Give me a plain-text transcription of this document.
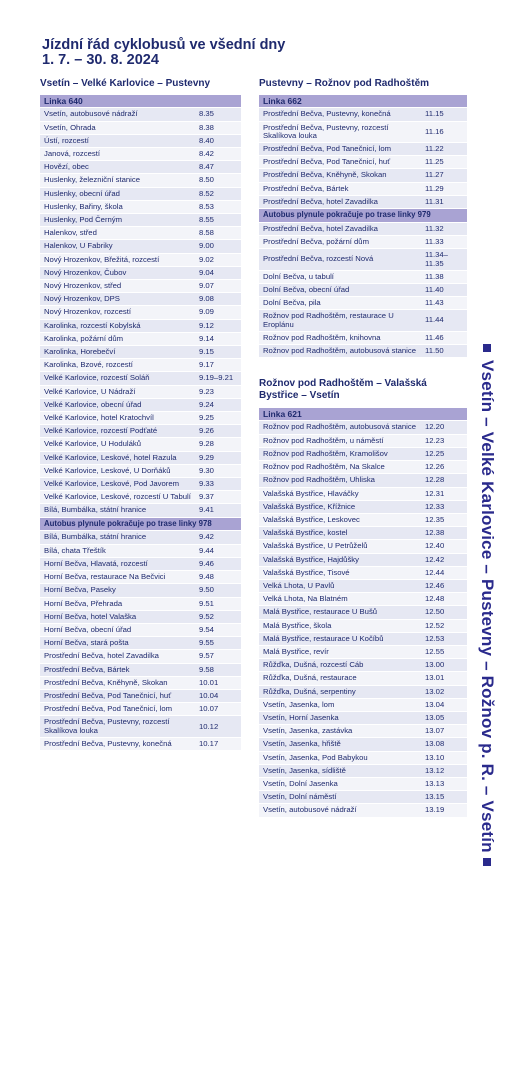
Jízdní řád cyklobusů ve všední dny
1. 7. – 30. 8. 2024
Vsetín – Velké Karlovice – Pustevny
Linka 640
Vsetín, autobusové nádraží	8.35
Vsetín, Ohrada	8.38
Ústí, rozcestí	8.40
Janová, rozcestí	8.42
Hovězí, obec	8.47
Huslenky, železniční stanice	8.50
Huslenky, obecní úřad	8.52
Huslenky, Bařiny, škola	8.53
Huslenky, Pod Černým	8.55
Halenkov, střed	8.58
Halenkov, U Fabriky	9.00
Nový Hrozenkov, Břežitá, rozcestí	9.02
Nový Hrozenkov, Čubov	9.04
Nový Hrozenkov, střed	9.07
Nový Hrozenkov, DPS	9.08
Nový Hrozenkov, rozcestí	9.09
Karolinka, rozcestí Kobylská	9.12
Karolinka, požární dům	9.14
Karolinka, Horebečví	9.15
Karolinka, Bzové, rozcestí	9.17
Velké Karlovice, rozcestí Soláň	9.19–9.21
Velké Karlovice, U Nádraží	9.23
Velké Karlovice, obecní úřad	9.24
Velké Karlovice, hotel Kratochvíl	9.25
Velké Karlovice, rozcestí Podťaté	9.26
Velké Karlovice, U Hoduláků	9.28
Velké Karlovice, Leskové, hotel Razula	9.29
Velké Karlovice, Leskové, U Dorňáků	9.30
Velké Karlovice, Leskové, Pod Javorem	9.33
Velké Karlovice, Leskové, rozcestí U Tabulí	9.37
Bílá, Bumbálka, státní hranice	9.41
Autobus plynule pokračuje po trase linky 978
Bílá, Bumbálka, státní hranice	9.42
Bílá, chata Třeštík	9.44
Horní Bečva, Hlavatá, rozcestí	9.46
Horní Bečva, restaurace Na Bečvici	9.48
Horní Bečva, Paseky	9.50
Horní Bečva, Přehrada	9.51
Horní Bečva, hotel Valaška	9.52
Horní Bečva, obecní úřad	9.54
Horní Bečva, stará pošta	9.55
Prostřední Bečva, hotel Zavadilka	9.57
Prostřední Bečva, Bártek	9.58
Prostřední Bečva, Kněhyně, Skokan	10.01
Prostřední Bečva, Pod Tanečnicí, huť	10.04
Prostřední Bečva, Pod Tanečnicí, lom	10.07
Prostřední Bečva, Pustevny, rozcestí Skalíkova louka	10.12
Prostřední Bečva, Pustevny, konečná	10.17
Pustevny – Rožnov pod Radhoštěm
Linka 662
Prostřední Bečva, Pustevny, konečná	11.15
Prostřední Bečva, Pustevny, rozcestí Skalíkova louka	11.16
Prostřední Bečva, Pod Tanečnicí, lom	11.22
Prostřední Bečva, Pod Tanečnicí, huť	11.25
Prostřední Bečva, Kněhyně, Skokan	11.27
Prostřední Bečva, Bártek	11.29
Prostřední Bečva, hotel Zavadilka	11.31
Autobus plynule pokračuje po trase linky 979
Prostřední Bečva, hotel Zavadilka	11.32
Prostřední Bečva, požární dům	11.33
Prostřední Bečva, rozcestí Nová	11.34–11.35
Dolní Bečva, u tabulí	11.38
Dolní Bečva, obecní úřad	11.40
Dolní Bečva, pila	11.43
Rožnov pod Radhoštěm, restaurace U Eroplánu	11.44
Rožnov pod Radhoštěm, knihovna	11.46
Rožnov pod Radhoštěm, autobusová stanice	11.50
Rožnov pod Radhoštěm – Valašská
Bystřice – Vsetín
Linka 621
Rožnov pod Radhoštěm, autobusová stanice	12.20
Rožnov pod Radhoštěm, u náměstí	12.23
Rožnov pod Radhoštěm, Kramolišov	12.25
Rožnov pod Radhoštěm, Na Skalce	12.26
Rožnov pod Radhoštěm, Uhliska	12.28
Valašská Bystřice, Hlaváčky	12.31
Valašská Bystřice, Křížnice	12.33
Valašská Bystřice, Leskovec	12.35
Valašská Bystřice, kostel	12.38
Valašská Bystřice, U Petrůželů	12.40
Valašská Bystřice, Hajdůšky	12.42
Valašská Bystřice, Tisové	12.44
Velká Lhota, U Pavlů	12.46
Velká Lhota, Na Blatném	12.48
Malá Bystřice, restaurace U Bušů	12.50
Malá Bystřice, škola	12.52
Malá Bystřice, restaurace U Kočíbů	12.53
Malá Bystřice, revír	12.55
Růžďka, Dušná, rozcestí Cáb	13.00
Růžďka, Dušná, restaurace	13.01
Růžďka, Dušná, serpentiny	13.02
Vsetín, Jasenka, lom	13.04
Vsetín, Horní Jasenka	13.05
Vsetín, Jasenka, zastávka	13.07
Vsetín, Jasenka, hřiště	13.08
Vsetín, Jasenka, Pod Babykou	13.10
Vsetín, Jasenka, sídliště	13.12
Vsetín, Dolní Jasenka	13.13
Vsetín, Dolní náměstí	13.15
Vsetín, autobusové nádraží	13.19 Vsetín – Velké Karlovice – Pustevny – Rožnov p. R. – Vsetín
